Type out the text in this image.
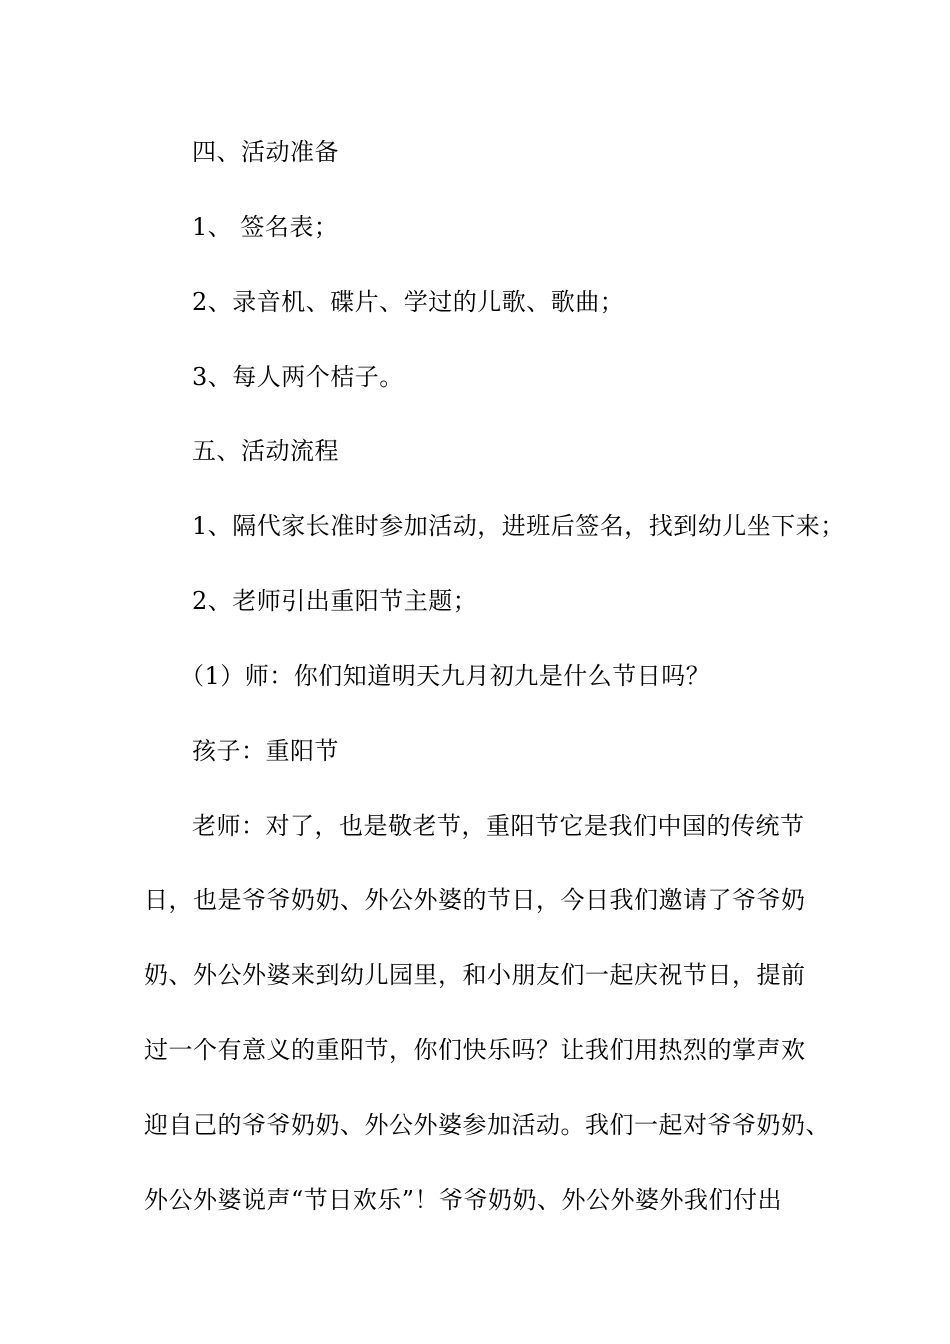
四、活动准备
1、 签名表；
2、录音机、碟片、学过的儿歌、歌曲；
3、每人两个桔子。
五、活动流程
1、隔代家长准时参加活动，进班后签名，找到幼儿坐下来；
2、老师引出重阳节主题；
（1）师：你们知道明天九月初九是什么节日吗？
孩子：重阳节
老师：对了，也是敬老节，重阳节它是我们中国的传统节
日，也是爷爷奶奶、外公外婆的节日，今日我们邀请了爷爷奶
奶、外公外婆来到幼儿园里，和小朋友们一起庆祝节日，提前
过一个有意义的重阳节，你们快乐吗？让我们用热烈的掌声欢
迎自己的爷爷奶奶、外公外婆参加活动。我们一起对爷爷奶奶、
外公外婆说声“节日欢乐”！爷爷奶奶、外公外婆外我们付出
